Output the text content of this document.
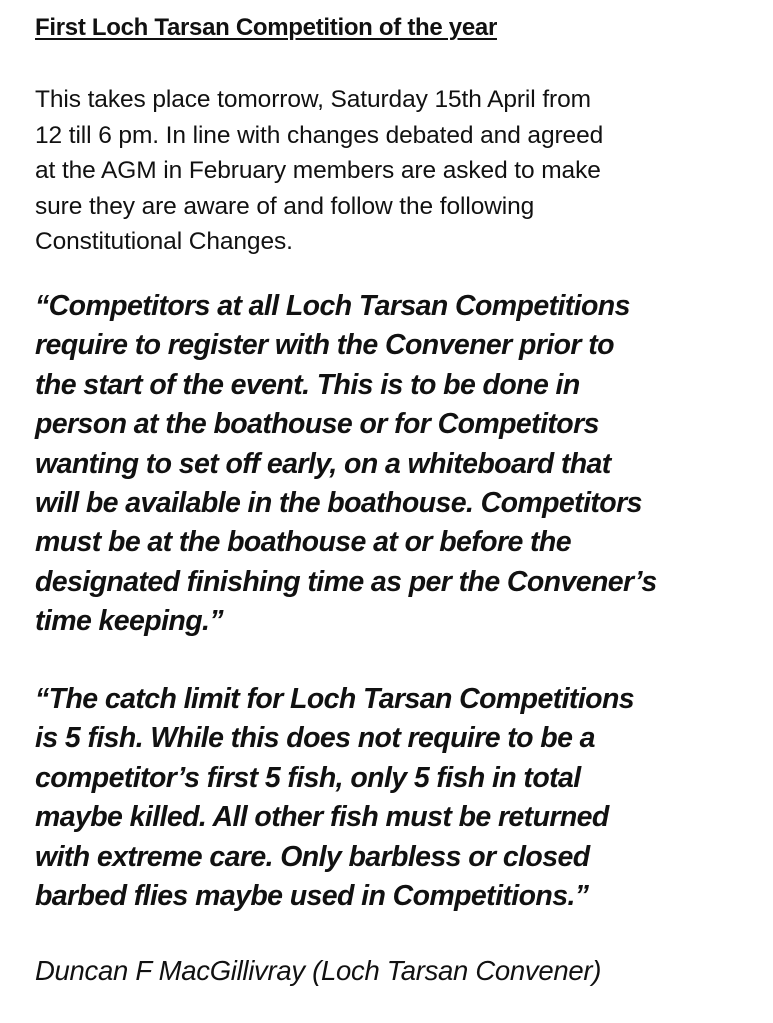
First Loch Tarsan Competition of the year

This takes place tomorrow, Saturday 15th April from
12 till 6 pm. In line with changes debated and agreed
at the AGM in February members are asked to make
sure they are aware of and follow the following
Constitutional Changes.

“Competitors at all Loch Tarsan Competitions
require to register with the Convener prior to
the start of the event. This is to be done in
person at the boathouse or for Competitors
wanting to set off early, on a whiteboard that
will be available in the boathouse. Competitors
must be at the boathouse at or before the
designated finishing time as per the Convener’s
time keeping.”

“The catch limit for Loch Tarsan Competitions
is 5 fish. While this does not require to be a
competitor’s first 5 fish, only 5 fish in total
maybe killed. All other fish must be returned
with extreme care. Only barbless or closed
barbed flies maybe used in Competitions.”

Duncan F MacGillivray (Loch Tarsan Convener)
